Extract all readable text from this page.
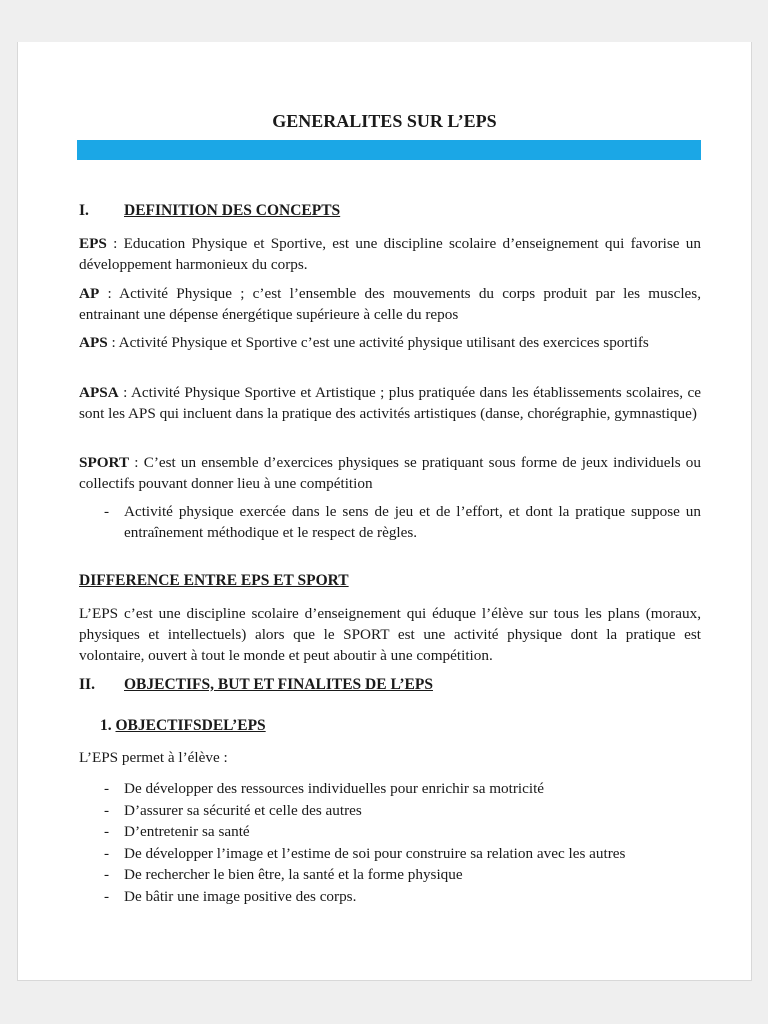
GENERALITES SUR L’EPS
I. DEFINITION DES CONCEPTS
EPS : Education Physique et Sportive, est une discipline scolaire d’enseignement qui favorise un développement harmonieux du corps.
AP : Activité Physique ; c’est l’ensemble des mouvements du corps produit par les muscles, entrainant une dépense énergétique supérieure à celle du repos
APS : Activité Physique et Sportive c’est une activité physique utilisant des exercices sportifs
APSA : Activité Physique Sportive et Artistique ; plus pratiquée dans les établissements scolaires, ce sont les APS qui incluent dans la pratique des activités artistiques (danse, chorégraphie, gymnastique)
SPORT : C’est un ensemble d’exercices physiques se pratiquant sous forme de jeux individuels ou collectifs pouvant donner lieu à une compétition
- Activité physique exercée dans le sens de jeu et de l’effort, et dont la pratique suppose un entraînement méthodique et le respect de règles.
DIFFERENCE ENTRE EPS ET SPORT
L’EPS c’est une discipline scolaire d’enseignement qui éduque l’élève sur tous les plans (moraux, physiques et intellectuels) alors que le SPORT est une activité physique dont la pratique est volontaire, ouvert à tout le monde et peut aboutir à une compétition.
II. OBJECTIFS, BUT ET FINALITES DE L’EPS
1. OBJECTIFSDEL’EPS
L’EPS permet à l’élève :
- De développer des ressources individuelles pour enrichir sa motricité
- D’assurer sa sécurité et celle des autres
- D’entretenir sa santé
- De développer l’image et l’estime de soi pour construire sa relation avec les autres
- De rechercher le bien être, la santé et la forme physique
- De bâtir une image positive des corps.
